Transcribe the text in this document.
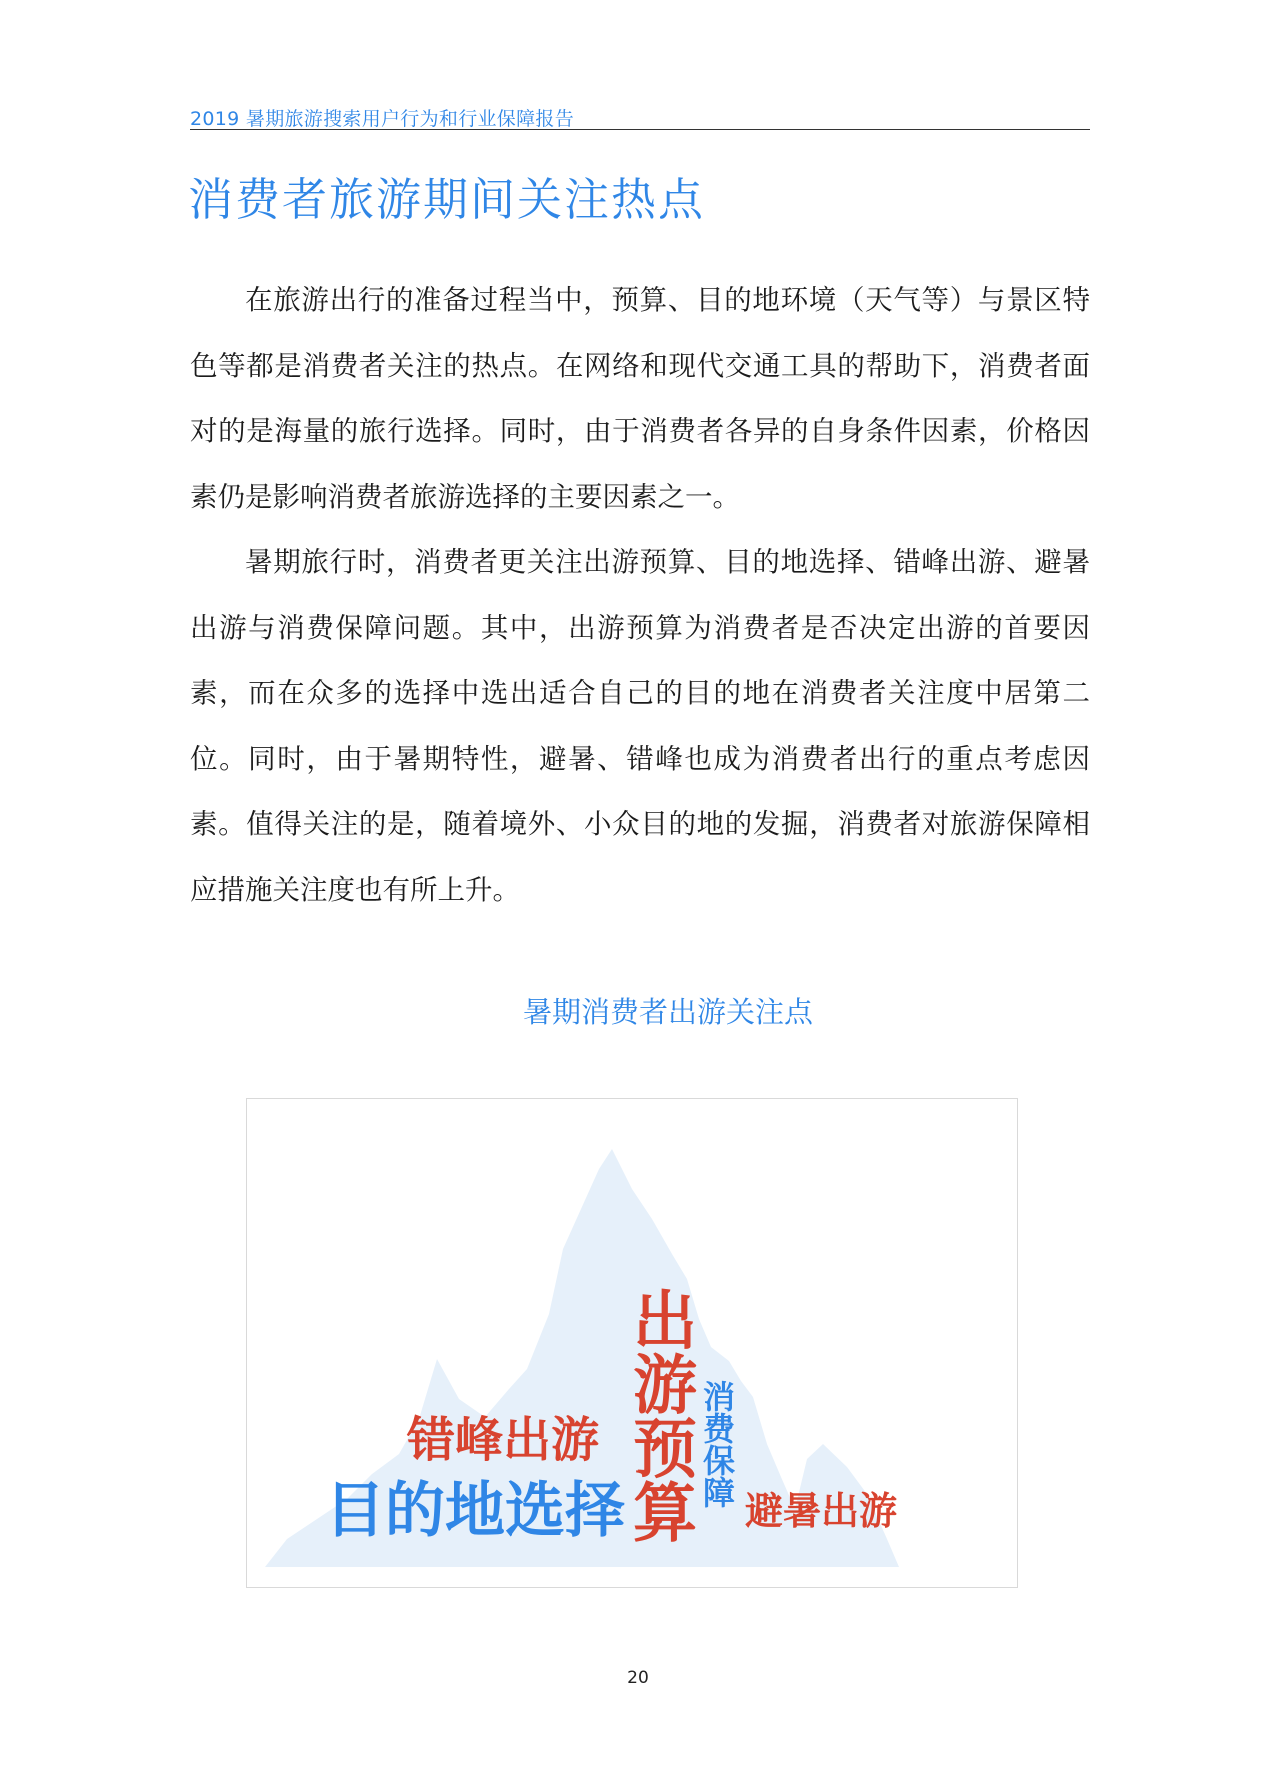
2019 暑期旅游搜索用户行为和行业保障报告
消费者旅游期间关注热点

在旅游出行的准备过程当中，预算、目的地环境（天气等）与景区特色等都是消费者关注的热点。在网络和现代交通工具的帮助下，消费者面对的是海量的旅行选择。同时，由于消费者各异的自身条件因素，价格因素仍是影响消费者旅游选择的主要因素之一。

暑期旅行时，消费者更关注出游预算、目的地选择、错峰出游、避暑出游与消费保障问题。其中，出游预算为消费者是否决定出游的首要因素，而在众多的选择中选出适合自己的目的地在消费者关注度中居第二位。同时，由于暑期特性，避暑、错峰也成为消费者出行的重点考虑因素。值得关注的是，随着境外、小众目的地的发掘，消费者对旅游保障相应措施关注度也有所上升。

暑期消费者出游关注点
出游预算
目的地选择
错峰出游	消费保障
避暑出游
20
